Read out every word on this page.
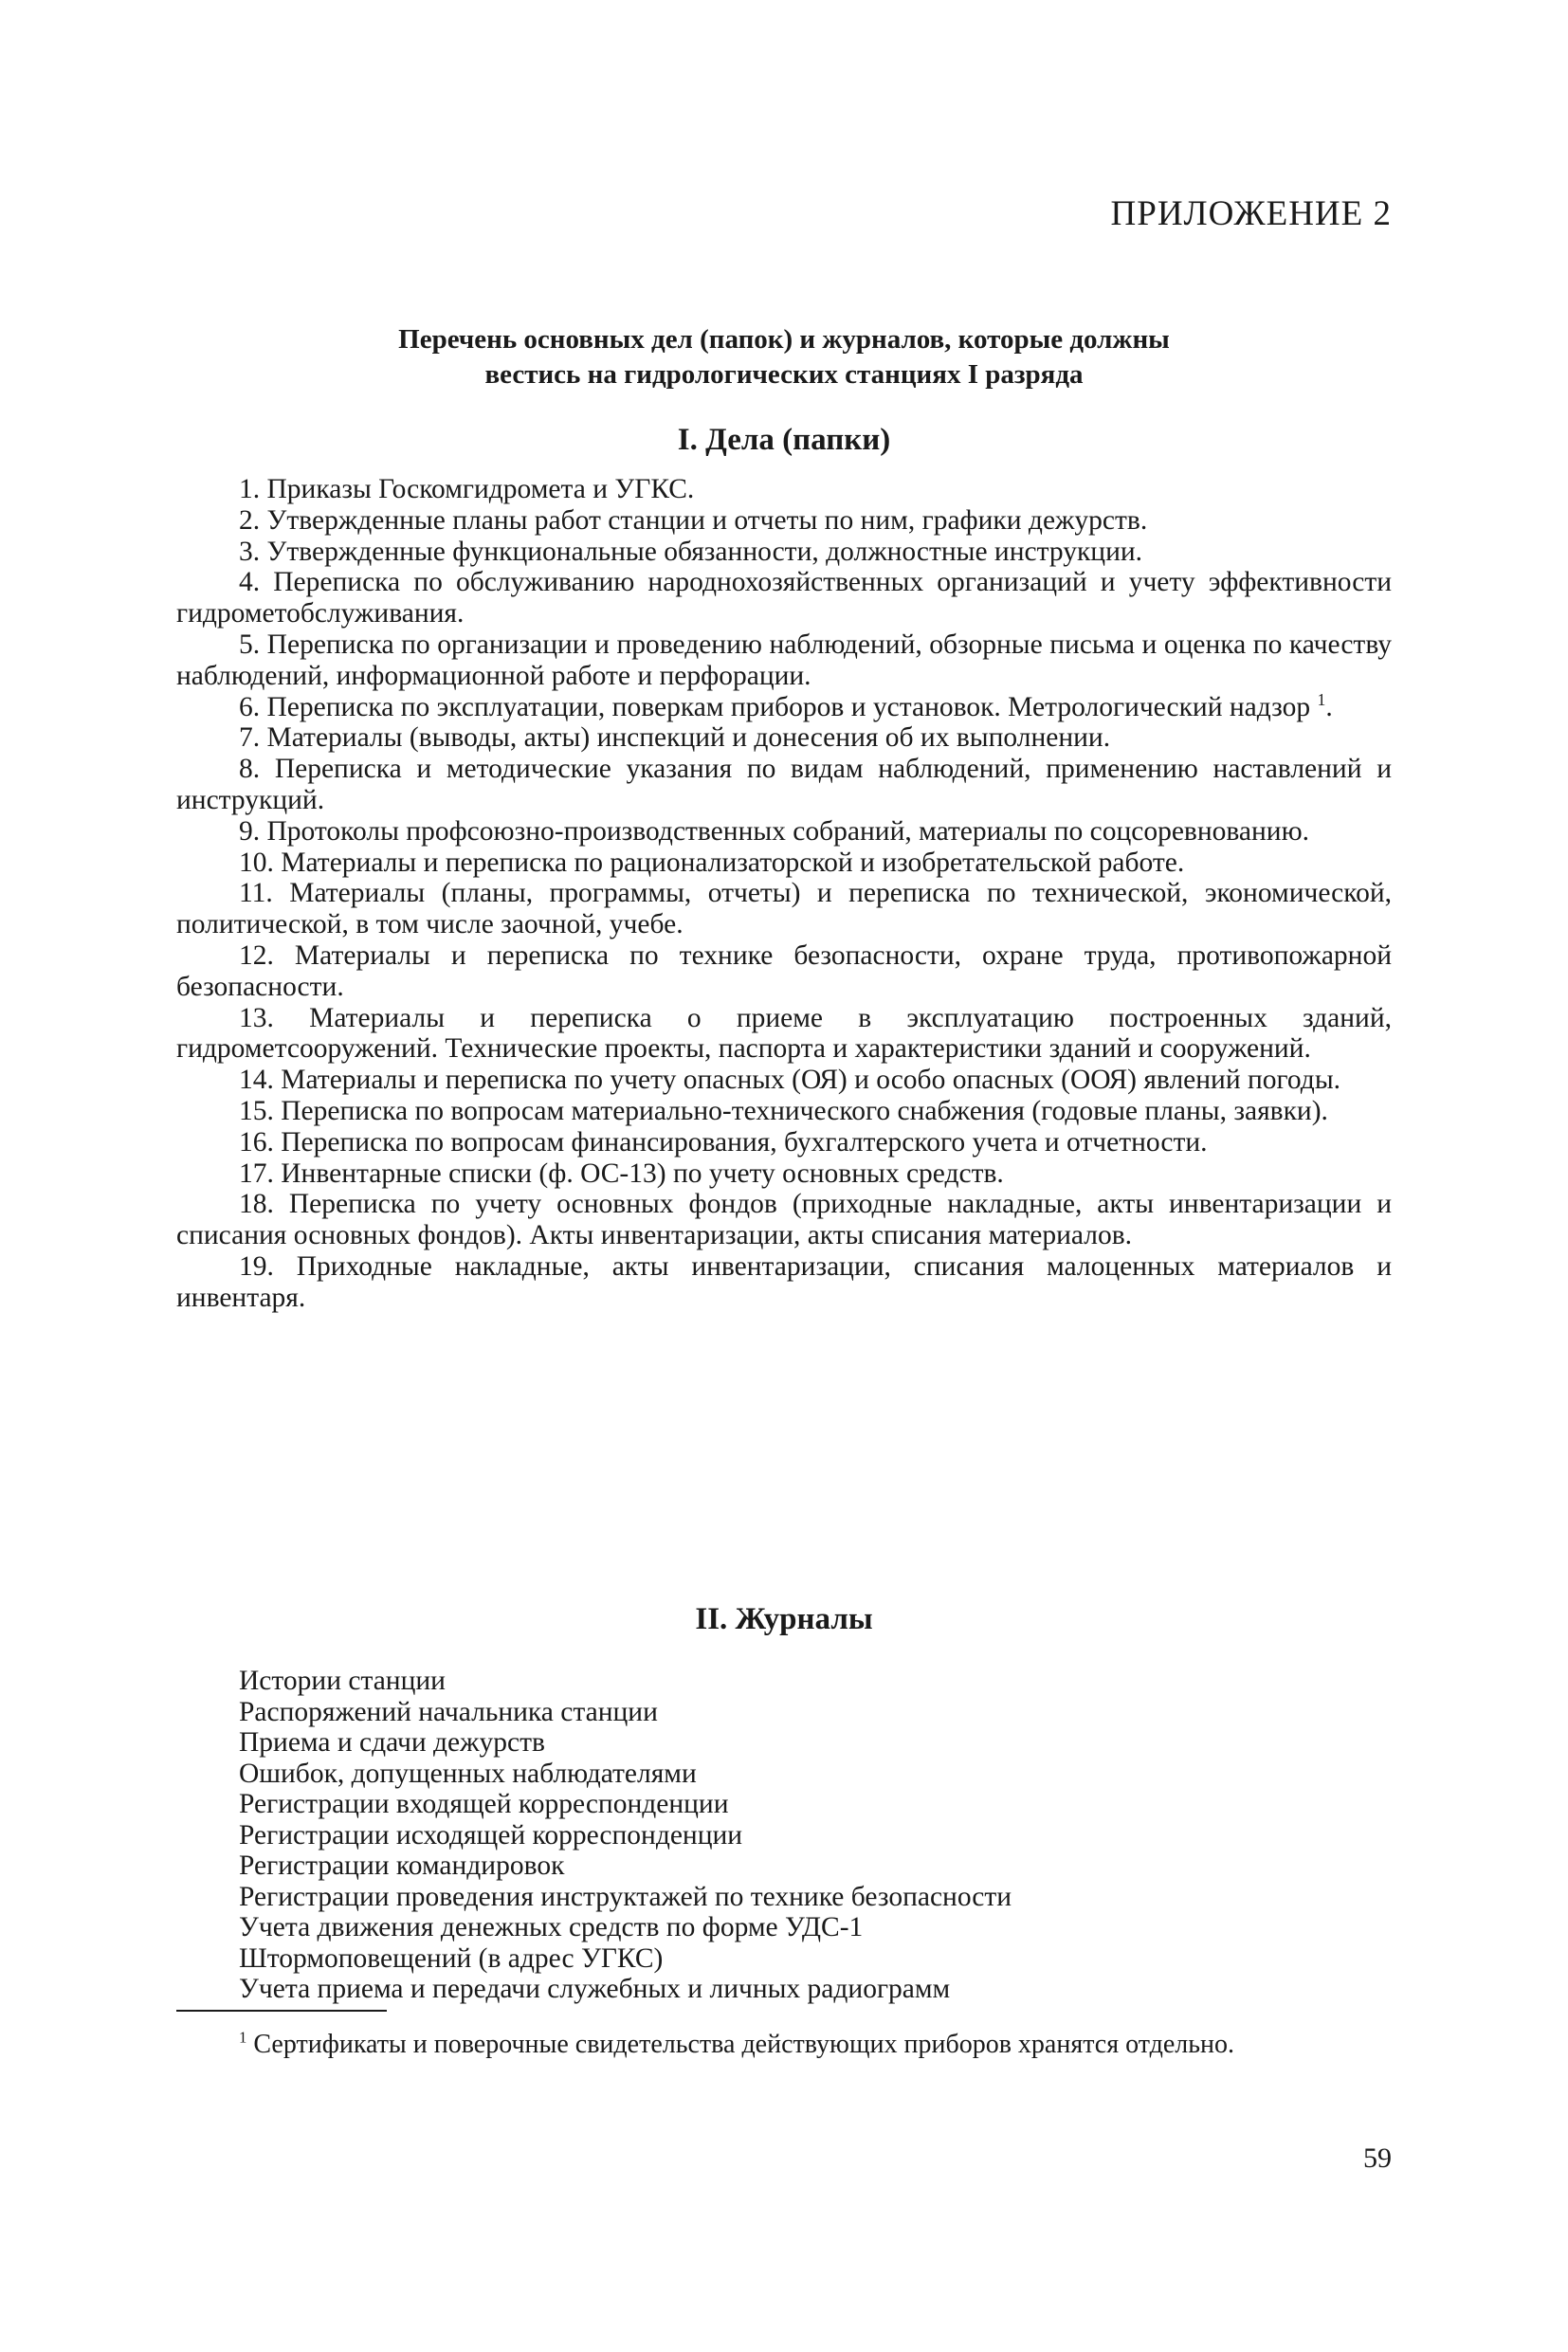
ПРИЛОЖЕНИЕ 2
Перечень основных дел (папок) и журналов, которые должны
вестись на гидрологических станциях I разряда
I. Дела (папки)

1. Приказы Госкомгидромета и УГКС.

2. Утвержденные планы работ станции и отчеты по ним, графики дежурств.

3. Утвержденные функциональные обязанности, должностные инструкции.

4. Переписка по обслуживанию народнохозяйственных организаций и учету эффективности гидрометобслуживания.

5. Переписка по организации и проведению наблюдений, обзорные письма и оценка по качеству наблюдений, информационной работе и перфорации.

6. Переписка по эксплуатации, поверкам приборов и установок. Метрологический надзор $^1$.

7. Материалы (выводы, акты) инспекций и донесения об их выполнении.

8. Переписка и методические указания по видам наблюдений, применению наставлений и инструкций.

9. Протоколы профсоюзно-производственных собраний, материалы по соцсоревнованию.

10. Материалы и переписка по рационализаторской и изобретательской работе.

11. Материалы (планы, программы, отчеты) и переписка по технической, экономической, политической, в том числе заочной, учебе.

12. Материалы и переписка по технике безопасности, охране труда, противопожарной безопасности.

13. Материалы и переписка о приеме в эксплуатацию построенных зданий, гидрометсооружений. Технические проекты, паспорта и характеристики зданий и сооружений.

14. Материалы и переписка по учету опасных (ОЯ) и особо опасных (ООЯ) явлений погоды.

15. Переписка по вопросам материально-технического снабжения (годовые планы, заявки).

16. Переписка по вопросам финансирования, бухгалтерского учета и отчетности.

17. Инвентарные списки (ф. ОС-13) по учету основных средств.

18. Переписка по учету основных фондов (приходные накладные, акты инвентаризации и списания основных фондов). Акты инвентаризации, акты списания материалов.

19. Приходные накладные, акты инвентаризации, списания малоценных материалов и инвентаря.

II. Журналы
Истории станции
Распоряжений начальника станции
Приема и сдачи дежурств
Ошибок, допущенных наблюдателями
Регистрации входящей корреспонденции
Регистрации исходящей корреспонденции
Регистрации командировок
Регистрации проведения инструктажей по технике безопасности
Учета движения денежных средств по форме УДС-1
Штормоповещений (в адрес УГКС)
Учета приема и передачи служебных и личных радиограмм

$^1$ Сертификаты и поверочные свидетельства действующих приборов хранятся отдельно.

59
